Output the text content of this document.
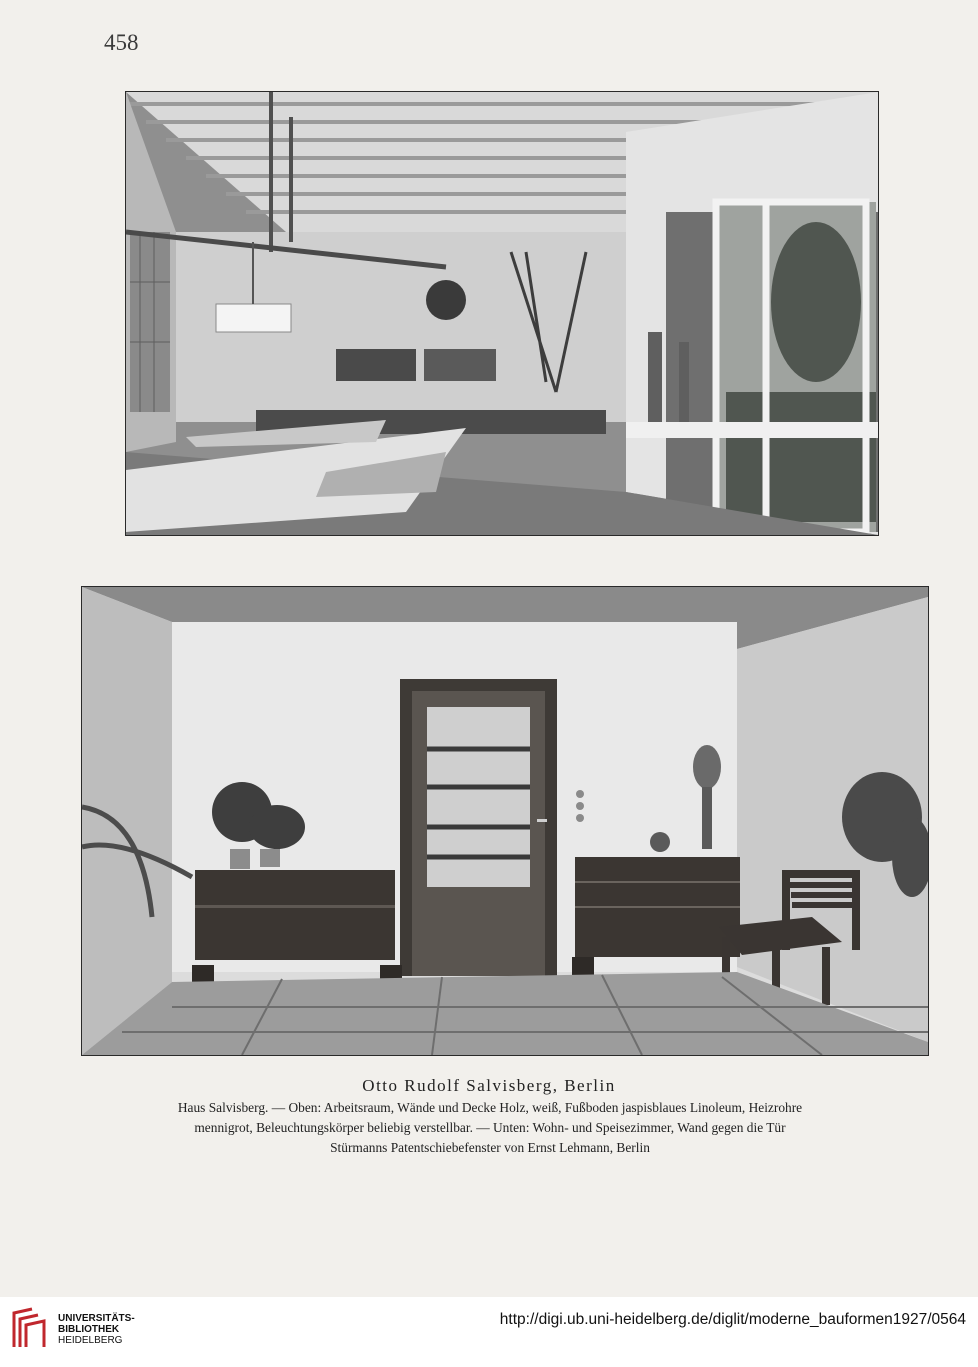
458
Otto Rudolf Salvisberg, Berlin
Haus Salvisberg. — Oben: Arbeitsraum, Wände und Decke Holz, weiß, Fußboden jaspisblaues Linoleum, Heizrohre
mennigrot, Beleuchtungskörper beliebig verstellbar. — Unten: Wohn- und Speisezimmer, Wand gegen die Tür
Stürmanns Patentschiebefenster von Ernst Lehmann, Berlin
UNIVERSITÄTS-
BIBLIOTHEK
HEIDELBERG
http://digi.ub.uni-heidelberg.de/diglit/moderne_bauformen1927/0564
